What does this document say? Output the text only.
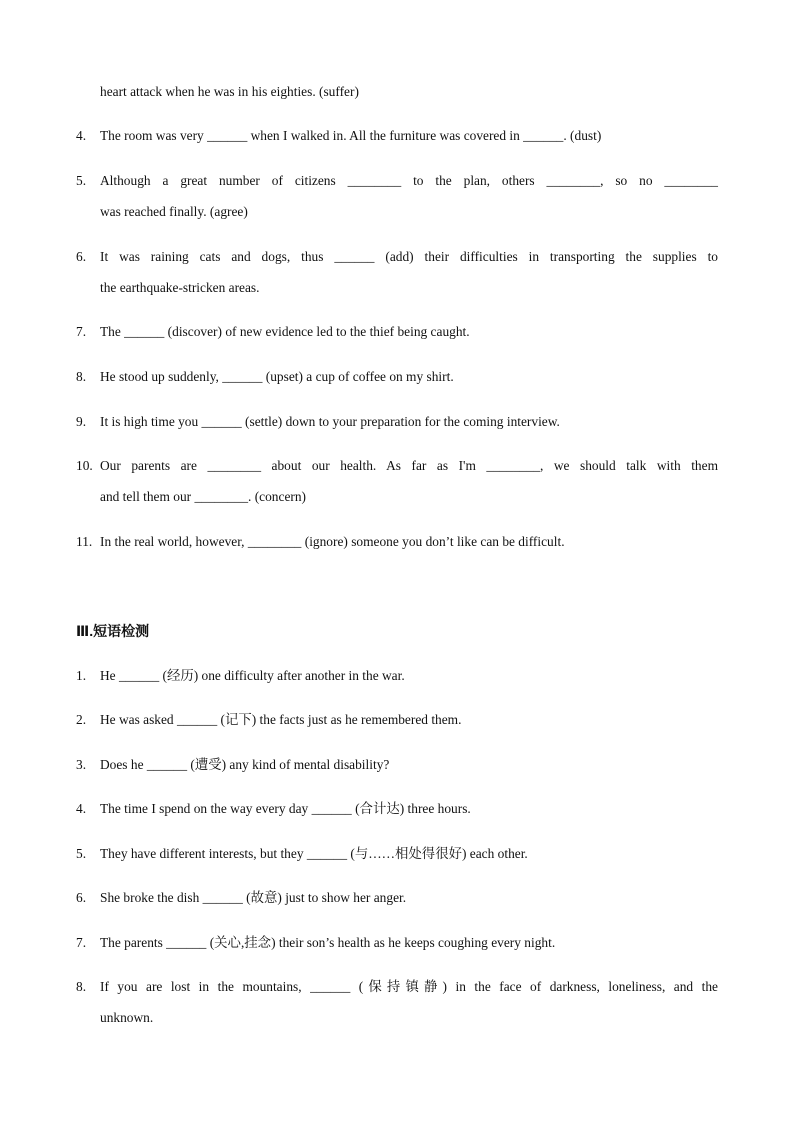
heart attack when he was in his eighties. (suffer)
4. The room was very ______ when I walked in. All the furniture was covered in ______. (dust)
5. Although a great number of citizens ________ to the plan, others ________, so no ________
was reached finally. (agree)
6. It was raining cats and dogs, thus ______ (add) their difficulties in transporting the supplies to
the earthquake-stricken areas.
7. The ______ (discover) of new evidence led to the thief being caught.
8. He stood up suddenly, ______ (upset) a cup of coffee on my shirt.
9. It is high time you ______ (settle) down to your preparation for the coming interview.
10. Our parents are ________ about our health. As far as I'm ________, we should talk with them
and tell them our ________. (concern)
11. In the real world, however, ________ (ignore) someone you don’t like can be difficult.
Ⅲ.短语检测
1. He ______ (经历) one difficulty after another in the war.
2. He was asked ______ (记下) the facts just as he remembered them.
3. Does he ______ (遭受) any kind of mental disability?
4. The time I spend on the way every day ______ (合计达) three hours.
5. They have different interests, but they ______ (与……相处得很好) each other.
6. She broke the dish ______ (故意) just to show her anger.
7. The parents ______ (关心,挂念) their son’s health as he keeps coughing every night.
8. If you are lost in the mountains, ______ (保持镇静) in the face of darkness, loneliness, and the
unknown.
